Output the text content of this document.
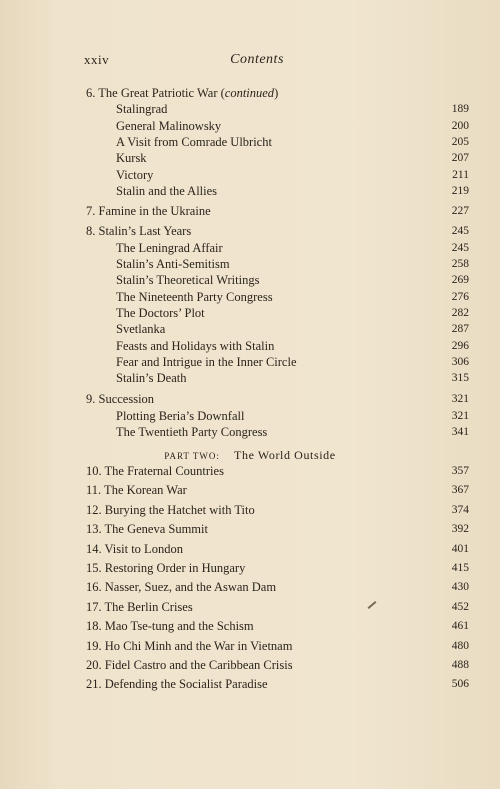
xxiv	Contents
6. The Great Patriotic War (continued)
Stalingrad	189
General Malinowsky	200
A Visit from Comrade Ulbricht	205
Kursk	207
Victory	211
Stalin and the Allies	219
7. Famine in the Ukraine	227
8. Stalin’s Last Years	245
The Leningrad Affair	245
Stalin’s Anti-Semitism	258
Stalin’s Theoretical Writings	269
The Nineteenth Party Congress	276
The Doctors’ Plot	282
Svetlanka	287
Feasts and Holidays with Stalin	296
Fear and Intrigue in the Inner Circle	306
Stalin’s Death	315
9. Succession	321
Plotting Beria’s Downfall	321
The Twentieth Party Congress	341
10. The Fraternal Countries	357
11. The Korean War	367
12. Burying the Hatchet with Tito	374
13. The Geneva Summit	392
14. Visit to London	401
15. Restoring Order in Hungary	415
16. Nasser, Suez, and the Aswan Dam	430
17. The Berlin Crises	452
18. Mao Tse-tung and the Schism	461
19. Ho Chi Minh and the War in Vietnam	480
20. Fidel Castro and the Caribbean Crisis	488
21. Defending the Socialist Paradise	506
PART TWO: The World Outside
